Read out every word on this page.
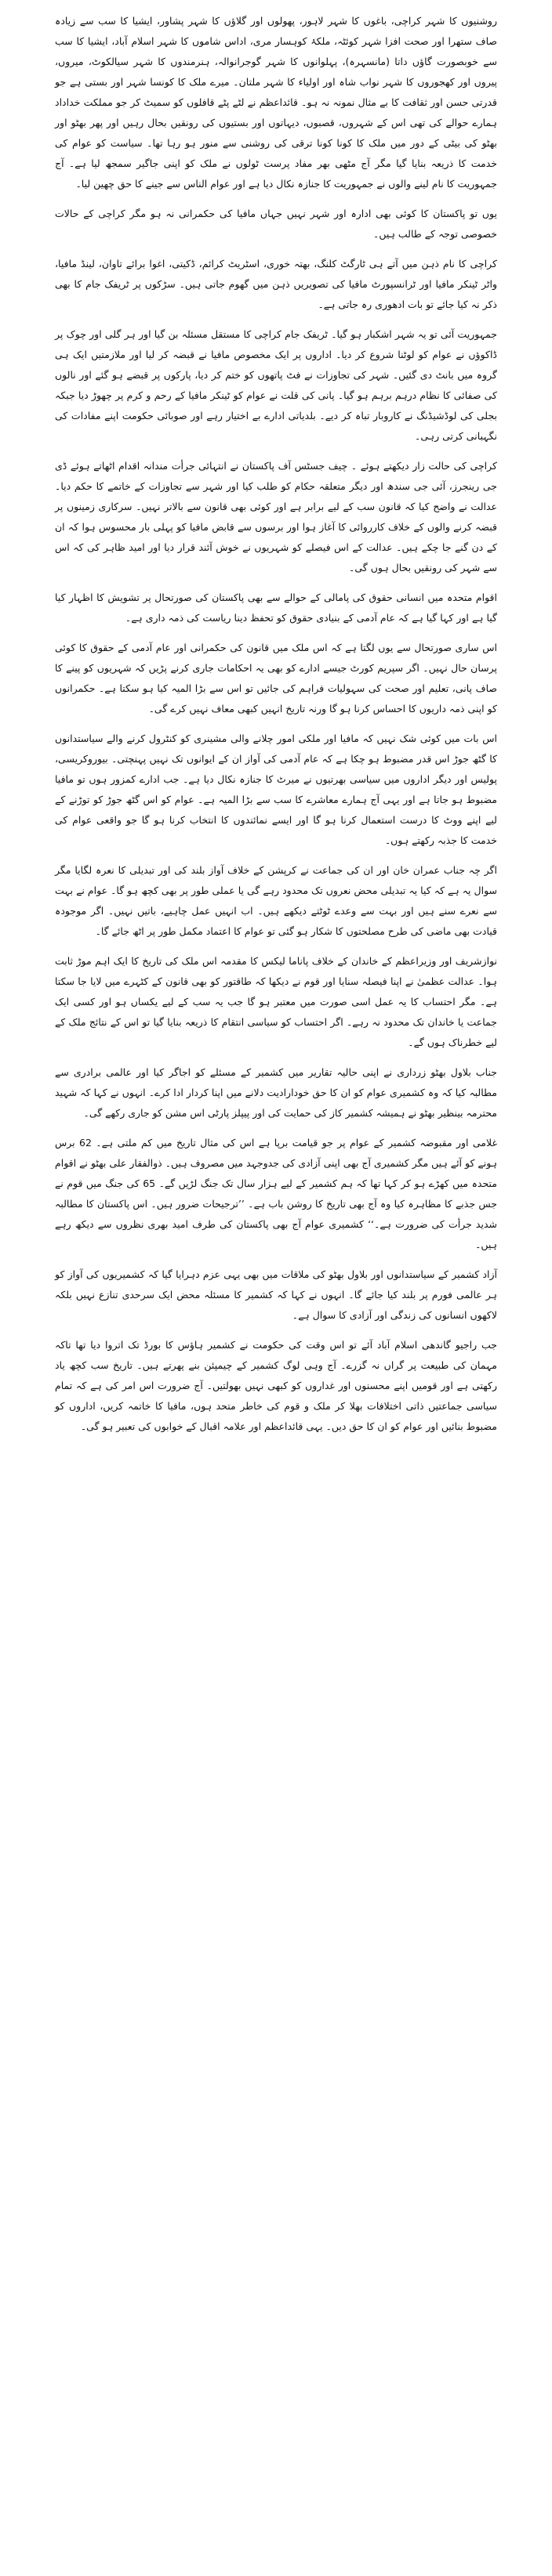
روشنیوں کا شہر کراچی، باغوں کا شہر لاہور، پھولوں اور گلاؤں کا شہر پشاور، ایشیا کا سب سے زیادہ صاف ستھرا اور صحت افزا شہر کوئٹہ، ملکۂ کوہسار مری، اداس شاموں کا شہر اسلام آباد، ایشیا کا سب سے خوبصورت گاؤں داتا (مانسہرہ)، پہلوانوں کا شہر گوجرانوالہ، ہنرمندوں کا شہر سیالکوٹ، میروں، پیروں اور کھجوروں کا شہر نواب شاہ اور اولیاء کا شہر ملتان۔ میرے ملک کا کونسا شہر اور بستی ہے جو قدرتی حسن اور ثقافت کا بے مثال نمونہ نہ ہو۔ قائداعظم نے لٹے پٹے قافلوں کو سمیٹ کر جو مملکت خداداد ہمارے حوالے کی تھی اس کے شہروں، قصبوں، دیہاتوں اور بستیوں کی رونقیں بحال رہیں اور پھر بھٹو اور بھٹو کی بیٹی کے دور میں ملک کا کونا کونا ترقی کی روشنی سے منور ہو رہا تھا۔ سیاست کو عوام کی خدمت کا ذریعہ بنایا گیا مگر آج مٹھی بھر مفاد پرست ٹولوں نے ملک کو اپنی جاگیر سمجھ لیا ہے۔ آج جمہوریت کا نام لینے والوں نے جمہوریت کا جنازہ نکال دیا ہے اور عوام الناس سے جینے کا حق چھین لیا۔

یوں تو پاکستان کا کوئی بھی ادارہ اور شہر نہیں جہاں مافیا کی حکمرانی نہ ہو مگر کراچی کے حالات خصوصی توجہ کے طالب ہیں۔

کراچی کا نام ذہن میں آتے ہی ٹارگٹ کلنگ، بھتہ خوری، اسٹریٹ کرائم، ڈکیتی، اغوا برائے تاوان، لینڈ مافیا، واٹر ٹینکر مافیا اور ٹرانسپورٹ مافیا کی تصویریں ذہن میں گھوم جاتی ہیں۔ سڑکوں پر ٹریفک جام کا بھی ذکر نہ کیا جائے تو بات ادھوری رہ جاتی ہے۔

جمہوریت آئی تو یہ شہر اشکبار ہو گیا۔ ٹریفک جام کراچی کا مستقل مسئلہ بن گیا اور ہر گلی اور چوک پر ڈاکوؤں نے عوام کو لوٹنا شروع کر دیا۔ اداروں پر ایک مخصوص مافیا نے قبضہ کر لیا اور ملازمتیں ایک ہی گروہ میں بانٹ دی گئیں۔ شہر کی تجاوزات نے فٹ پاتھوں کو ختم کر دیا، پارکوں پر قبضے ہو گئے اور نالوں کی صفائی کا نظام درہم برہم ہو گیا۔ پانی کی قلت نے عوام کو ٹینکر مافیا کے رحم و کرم پر چھوڑ دیا جبکہ بجلی کی لوڈشیڈنگ نے کاروبار تباہ کر دیے۔ بلدیاتی ادارے بے اختیار رہے اور صوبائی حکومت اپنے مفادات کی نگہبانی کرتی رہی۔

کراچی کی حالت زار دیکھتے ہوئے ۔ چیف جسٹس آف پاکستان نے انتہائی جرأت مندانہ اقدام اٹھاتے ہوئے ڈی جی رینجرز، آئی جی سندھ اور دیگر متعلقہ حکام کو طلب کیا اور شہر سے تجاوزات کے خاتمے کا حکم دیا۔ عدالت نے واضح کیا کہ قانون سب کے لیے برابر ہے اور کوئی بھی قانون سے بالاتر نہیں۔ سرکاری زمینوں پر قبضہ کرنے والوں کے خلاف کارروائی کا آغاز ہوا اور برسوں سے قابض مافیا کو پہلی بار محسوس ہوا کہ ان کے دن گنے جا چکے ہیں۔ عدالت کے اس فیصلے کو شہریوں نے خوش آئند قرار دیا اور امید ظاہر کی کہ اس سے شہر کی رونقیں بحال ہوں گی۔

اقوام متحدہ میں انسانی حقوق کی پامالی کے حوالے سے بھی پاکستان کی صورتحال پر تشویش کا اظہار کیا گیا ہے اور کہا گیا ہے کہ عام آدمی کے بنیادی حقوق کو تحفظ دینا ریاست کی ذمہ داری ہے۔

اس ساری صورتحال سے یوں لگتا ہے کہ اس ملک میں قانون کی حکمرانی اور عام آدمی کے حقوق کا کوئی پرسان حال نہیں۔ اگر سپریم کورٹ جیسے ادارے کو بھی یہ احکامات جاری کرنے پڑیں کہ شہریوں کو پینے کا صاف پانی، تعلیم اور صحت کی سہولیات فراہم کی جائیں تو اس سے بڑا المیہ کیا ہو سکتا ہے۔ حکمرانوں کو اپنی ذمہ داریوں کا احساس کرنا ہو گا ورنہ تاریخ انہیں کبھی معاف نہیں کرے گی۔

اس بات میں کوئی شک نہیں کہ مافیا اور ملکی امور چلانے والی مشینری کو کنٹرول کرنے والے سیاستدانوں کا گٹھ جوڑ اس قدر مضبوط ہو چکا ہے کہ عام آدمی کی آواز ان کے ایوانوں تک نہیں پہنچتی۔ بیوروکریسی، پولیس اور دیگر اداروں میں سیاسی بھرتیوں نے میرٹ کا جنازہ نکال دیا ہے۔ جب ادارے کمزور ہوں تو مافیا مضبوط ہو جاتا ہے اور یہی آج ہمارے معاشرے کا سب سے بڑا المیہ ہے۔ عوام کو اس گٹھ جوڑ کو توڑنے کے لیے اپنے ووٹ کا درست استعمال کرنا ہو گا اور ایسے نمائندوں کا انتخاب کرنا ہو گا جو واقعی عوام کی خدمت کا جذبہ رکھتے ہوں۔

اگر چہ جناب عمران خان اور ان کی جماعت نے کرپشن کے خلاف آواز بلند کی اور تبدیلی کا نعرہ لگایا مگر سوال یہ ہے کہ کیا یہ تبدیلی محض نعروں تک محدود رہے گی یا عملی طور پر بھی کچھ ہو گا۔ عوام نے بہت سے نعرے سنے ہیں اور بہت سے وعدے ٹوٹتے دیکھے ہیں۔ اب انہیں عمل چاہیے، باتیں نہیں۔ اگر موجودہ قیادت بھی ماضی کی طرح مصلحتوں کا شکار ہو گئی تو عوام کا اعتماد مکمل طور پر اٹھ جائے گا۔

نوازشریف اور وزیراعظم کے خاندان کے خلاف پاناما لیکس کا مقدمہ اس ملک کی تاریخ کا ایک اہم موڑ ثابت ہوا۔ عدالت عظمیٰ نے اپنا فیصلہ سنایا اور قوم نے دیکھا کہ طاقتور کو بھی قانون کے کٹہرے میں لایا جا سکتا ہے۔ مگر احتساب کا یہ عمل اسی صورت میں معتبر ہو گا جب یہ سب کے لیے یکساں ہو اور کسی ایک جماعت یا خاندان تک محدود نہ رہے۔ اگر احتساب کو سیاسی انتقام کا ذریعہ بنایا گیا تو اس کے نتائج ملک کے لیے خطرناک ہوں گے۔

جناب بلاول بھٹو زرداری نے اپنی حالیہ تقاریر میں کشمیر کے مسئلے کو اجاگر کیا اور عالمی برادری سے مطالبہ کیا کہ وہ کشمیری عوام کو ان کا حق خودارادیت دلانے میں اپنا کردار ادا کرے۔ انہوں نے کہا کہ شہید محترمہ بینظیر بھٹو نے ہمیشہ کشمیر کاز کی حمایت کی اور پیپلز پارٹی اس مشن کو جاری رکھے گی۔

غلامی اور مقبوضہ کشمیر کے عوام پر جو قیامت برپا ہے اس کی مثال تاریخ میں کم ملتی ہے۔ 62 برس ہونے کو آئے ہیں مگر کشمیری آج بھی اپنی آزادی کی جدوجہد میں مصروف ہیں۔ ذوالفقار علی بھٹو نے اقوام متحدہ میں کھڑے ہو کر کہا تھا کہ ہم کشمیر کے لیے ہزار سال تک جنگ لڑیں گے۔ 65 کی جنگ میں قوم نے جس جذبے کا مظاہرہ کیا وہ آج بھی تاریخ کا روشن باب ہے۔ ’’ترجیحات ضرور ہیں۔ اس پاکستان کا مطالبہ شدید جرأت کی ضرورت ہے۔‘‘ کشمیری عوام آج بھی پاکستان کی طرف امید بھری نظروں سے دیکھ رہے ہیں۔

آزاد کشمیر کے سیاستدانوں اور بلاول بھٹو کی ملاقات میں بھی یہی عزم دہرایا گیا کہ کشمیریوں کی آواز کو ہر عالمی فورم پر بلند کیا جائے گا۔ انہوں نے کہا کہ کشمیر کا مسئلہ محض ایک سرحدی تنازع نہیں بلکہ لاکھوں انسانوں کی زندگی اور آزادی کا سوال ہے۔

جب راجیو گاندھی اسلام آباد آئے تو اس وقت کی حکومت نے کشمیر ہاؤس کا بورڈ تک اتروا دیا تھا تاکہ مہمان کی طبیعت پر گراں نہ گزرے۔ آج وہی لوگ کشمیر کے چیمپئن بنے پھرتے ہیں۔ تاریخ سب کچھ یاد رکھتی ہے اور قومیں اپنے محسنوں اور غداروں کو کبھی نہیں بھولتیں۔ آج ضرورت اس امر کی ہے کہ تمام سیاسی جماعتیں ذاتی اختلافات بھلا کر ملک و قوم کی خاطر متحد ہوں، مافیا کا خاتمہ کریں، اداروں کو مضبوط بنائیں اور عوام کو ان کا حق دیں۔ یہی قائداعظم اور علامہ اقبال کے خوابوں کی تعبیر ہو گی۔
